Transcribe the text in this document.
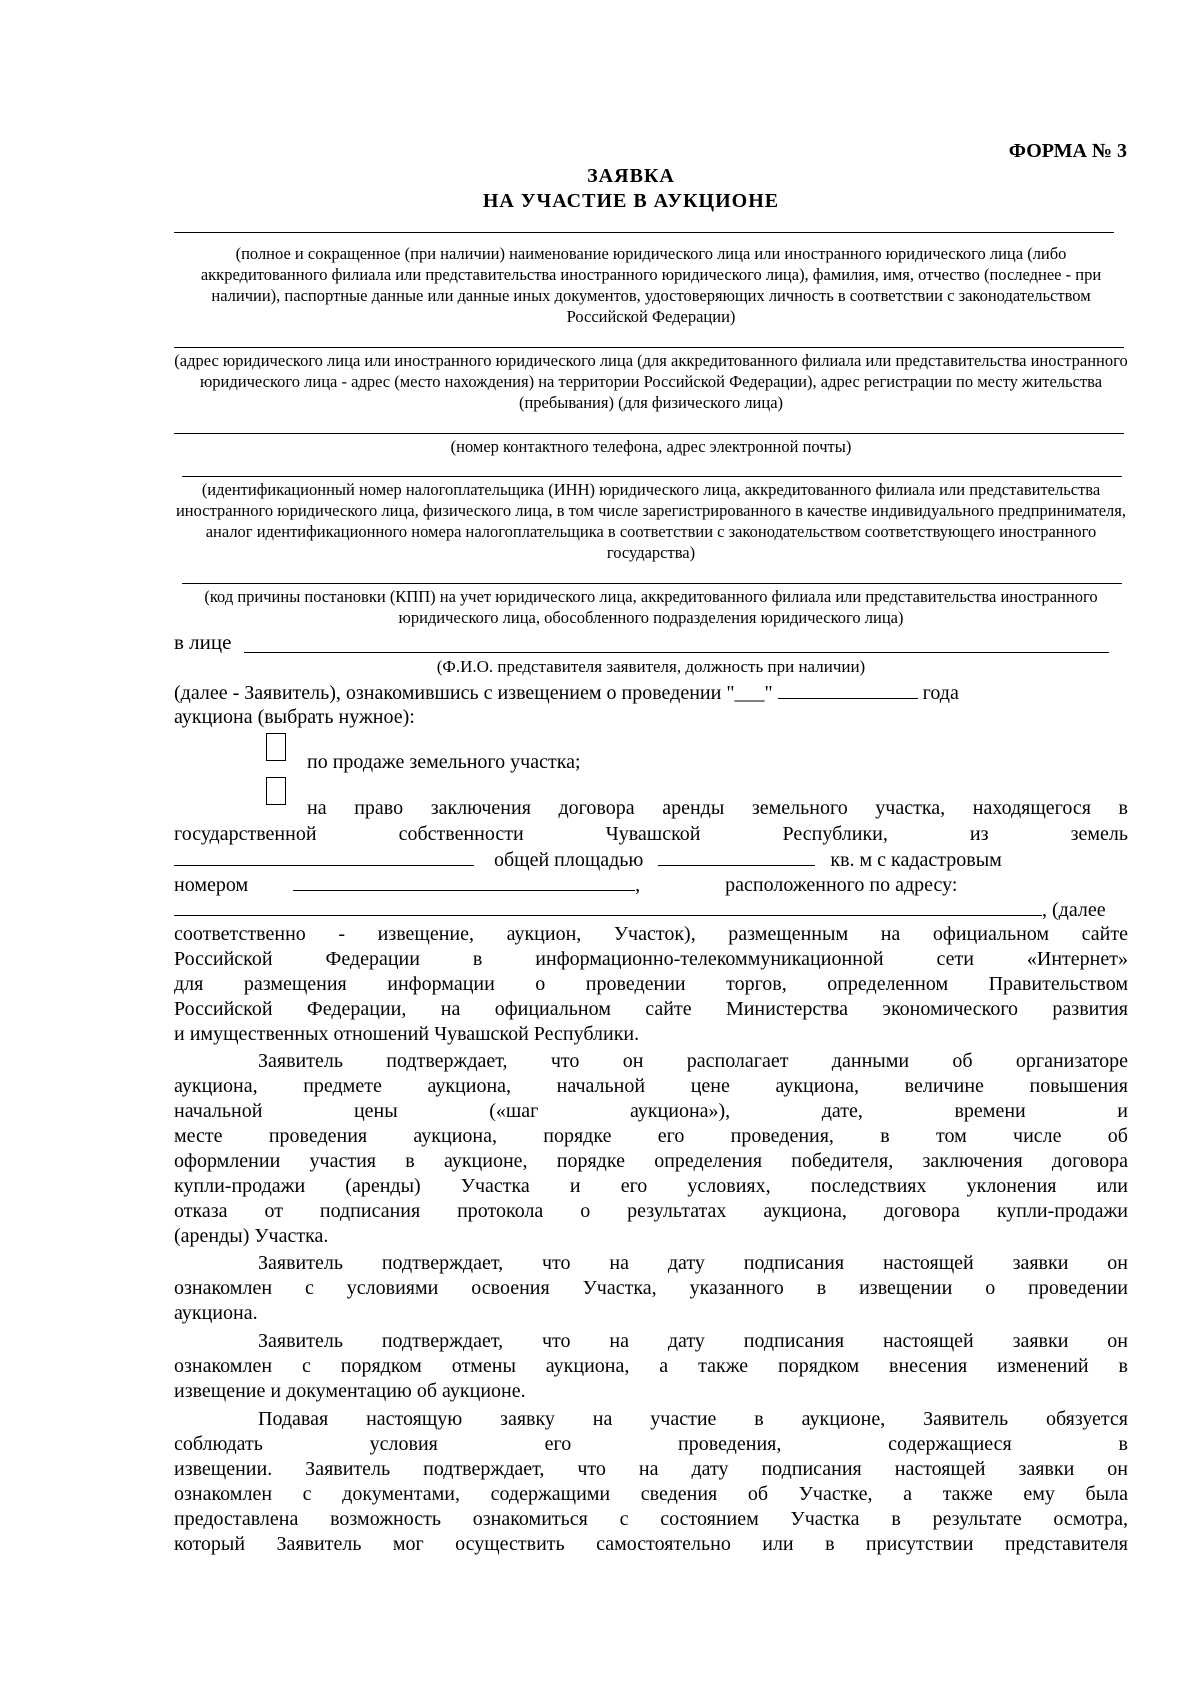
ФОРМА № 3
ЗАЯВКА
НА УЧАСТИЕ В АУКЦИОНЕ
(полное и сокращенное (при наличии) наименование юридического лица или иностранного юридического лица (либо аккредитованного филиала или представительства иностранного юридического лица), фамилия, имя, отчество (последнее - при наличии), паспортные данные или данные иных документов, удостоверяющих личность в соответствии с законодательством Российской Федерации)
(адрес юридического лица или иностранного юридического лица (для аккредитованного филиала или представительства иностранного юридического лица - адрес (место нахождения) на территории Российской Федерации), адрес регистрации по месту жительства (пребывания) (для физического лица)
(номер контактного телефона, адрес электронной почты)
(идентификационный номер налогоплательщика (ИНН) юридического лица, аккредитованного филиала или представительства иностранного юридического лица, физического лица, в том числе зарегистрированного в качестве индивидуального предпринимателя, аналог идентификационного номера налогоплательщика в соответствии с законодательством соответствующего иностранного государства)
(код причины постановки (КПП) на учет юридического лица, аккредитованного филиала или представительства иностранного юридического лица, обособленного подразделения юридического лица)
в лице
(Ф.И.О. представителя заявителя, должность при наличии)
(далее - Заявитель), ознакомившись с извещением о проведении "___"	года
аукциона (выбрать нужное):
по продаже земельного участка;
на право заключения договора аренды земельного участка, находящегося в
государственной собственности Чувашской Республики, из земель
общей площадью	кв. м с кадастровым
номером	,	расположенного по адресу:
, (далее
соответственно - извещение, аукцион, Участок), размещенным на официальном сайте
Российской Федерации в информационно-телекоммуникационной сети «Интернет»
для размещения информации о проведении торгов, определенном Правительством
Российской Федерации, на официальном сайте Министерства экономического развития
и имущественных отношений Чувашской Республики.
Заявитель подтверждает, что он располагает данными об организаторе
аукциона, предмете аукциона, начальной цене аукциона, величине повышения
начальной цены («шаг аукциона»), дате, времени и
месте проведения аукциона, порядке его проведения, в том числе об
оформлении участия в аукционе, порядке определения победителя, заключения договора
купли-продажи (аренды) Участка и его условиях, последствиях уклонения или
отказа от подписания протокола о результатах аукциона, договора купли-продажи
(аренды) Участка.
Заявитель подтверждает, что на дату подписания настоящей заявки он
ознакомлен с условиями освоения Участка, указанного в извещении о проведении
аукциона.
Заявитель подтверждает, что на дату подписания настоящей заявки он
ознакомлен с порядком отмены аукциона, а также порядком внесения изменений в
извещение и документацию об аукционе.
Подавая настоящую заявку на участие в аукционе, Заявитель обязуется
соблюдать условия его проведения, содержащиеся в
извещении. Заявитель подтверждает, что на дату подписания настоящей заявки он
ознакомлен с документами, содержащими сведения об Участке, а также ему была
предоставлена возможность ознакомиться с состоянием Участка в результате осмотра,
который Заявитель мог осуществить самостоятельно или в присутствии представителя
